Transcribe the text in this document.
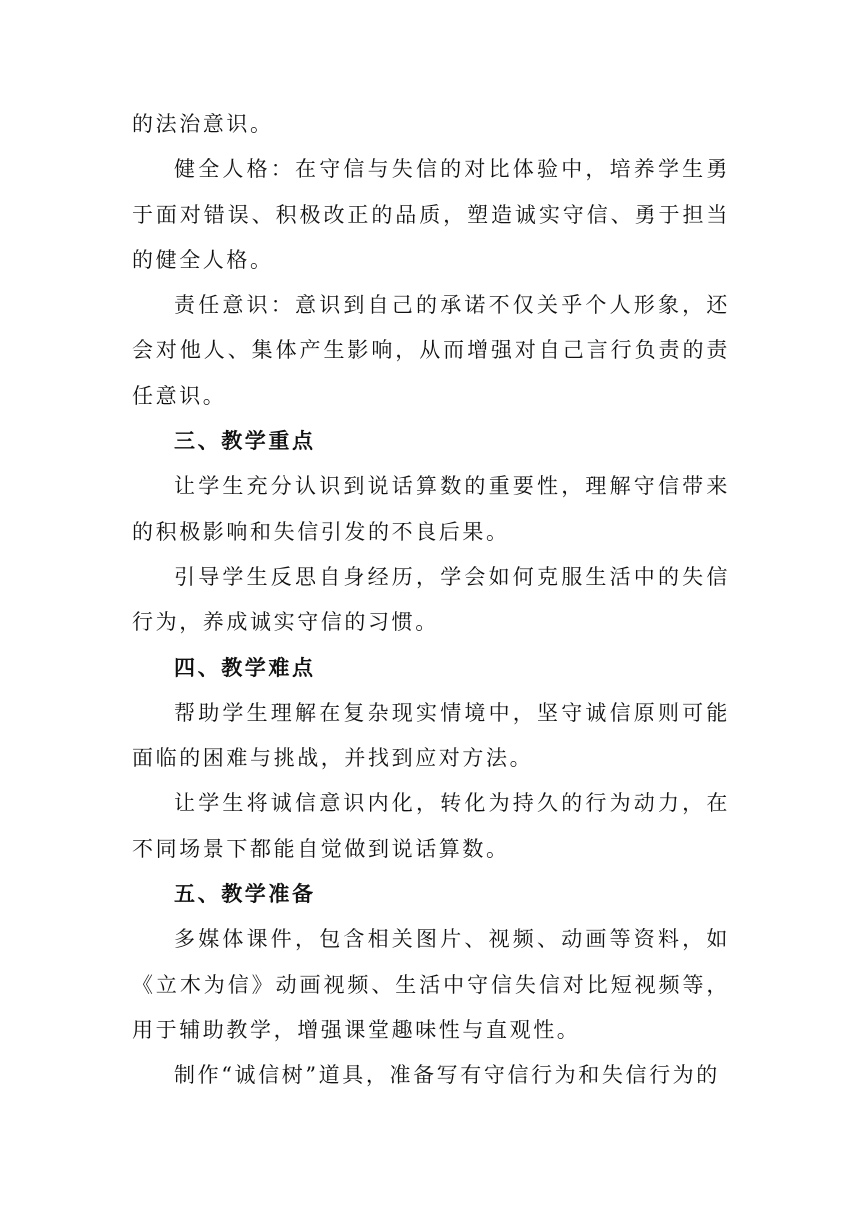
的法治意识。

健全人格：在守信与失信的对比体验中，培养学生勇于面对错误、积极改正的品质，塑造诚实守信、勇于担当的健全人格。

责任意识：意识到自己的承诺不仅关乎个人形象，还会对他人、集体产生影响，从而增强对自己言行负责的责任意识。

三、教学重点

让学生充分认识到说话算数的重要性，理解守信带来的积极影响和失信引发的不良后果。

引导学生反思自身经历，学会如何克服生活中的失信行为，养成诚实守信的习惯。

四、教学难点

帮助学生理解在复杂现实情境中，坚守诚信原则可能面临的困难与挑战，并找到应对方法。

让学生将诚信意识内化，转化为持久的行为动力，在不同场景下都能自觉做到说话算数。

五、教学准备

多媒体课件，包含相关图片、视频、动画等资料，如《立木为信》动画视频、生活中守信失信对比短视频等，用于辅助教学，增强课堂趣味性与直观性。

制作“诚信树”道具，准备写有守信行为和失信行为的
